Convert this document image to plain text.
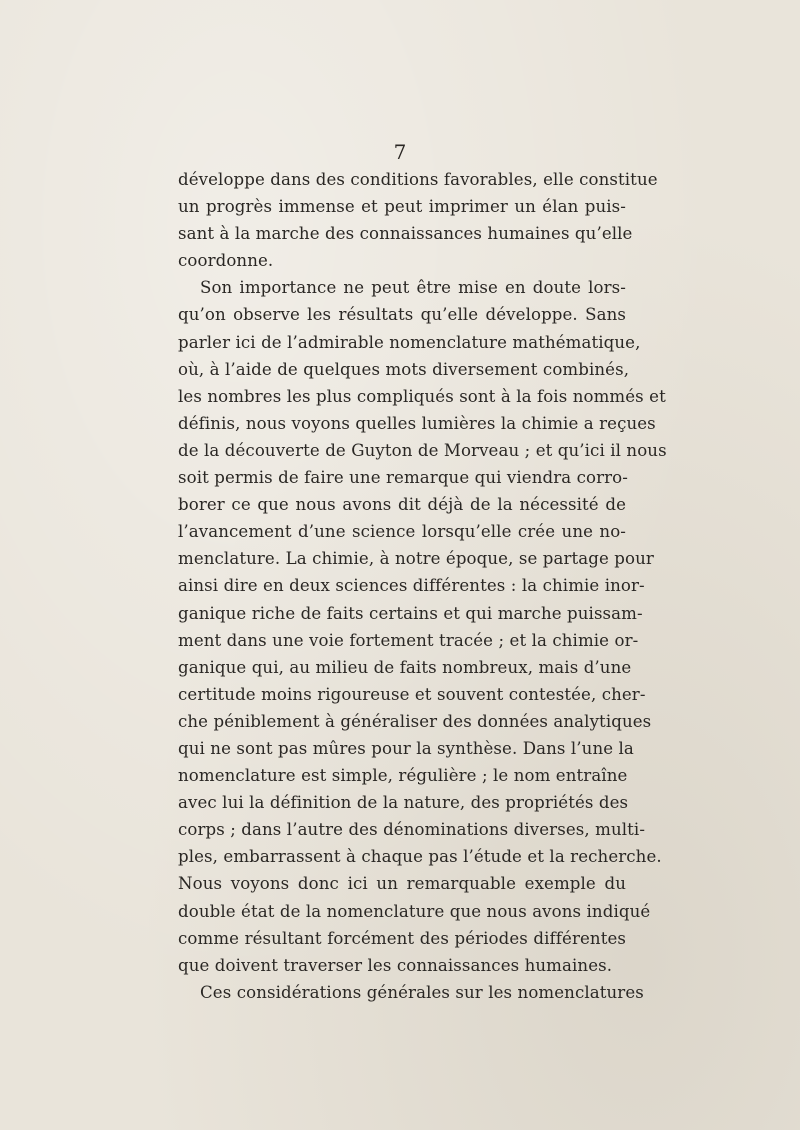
7
développe dans des conditions favorables, elle constitue
un progrès immense et peut imprimer un élan puis-
sant à la marche des connaissances humaines qu’elle
coordonne.
Son importance ne peut être mise en doute lors-
qu’on observe les résultats qu’elle développe. Sans
parler ici de l’admirable nomenclature mathématique,
où, à l’aide de quelques mots diversement combinés,
les nombres les plus compliqués sont à la fois nommés et
définis, nous voyons quelles lumières la chimie a reçues
de la découverte de Guyton de Morveau ; et qu’ici il nous
soit permis de faire une remarque qui viendra corro-
borer ce que nous avons dit déjà de la nécessité de
l’avancement d’une science lorsqu’elle crée une no-
menclature. La chimie, à notre époque, se partage pour
ainsi dire en deux sciences différentes : la chimie inor-
ganique riche de faits certains et qui marche puissam-
ment dans une voie fortement tracée ; et la chimie or-
ganique qui, au milieu de faits nombreux, mais d’une
certitude moins rigoureuse et souvent contestée, cher-
che péniblement à généraliser des données analytiques
qui ne sont pas mûres pour la synthèse. Dans l’une la
nomenclature est simple, régulière ; le nom entraîne
avec lui la définition de la nature, des propriétés des
corps ; dans l’autre des dénominations diverses, multi-
ples, embarrassent à chaque pas l’étude et la recherche.
Nous voyons donc ici un remarquable exemple du
double état de la nomenclature que nous avons indiqué
comme résultant forcément des périodes différentes
que doivent traverser les connaissances humaines.
Ces considérations générales sur les nomenclatures
